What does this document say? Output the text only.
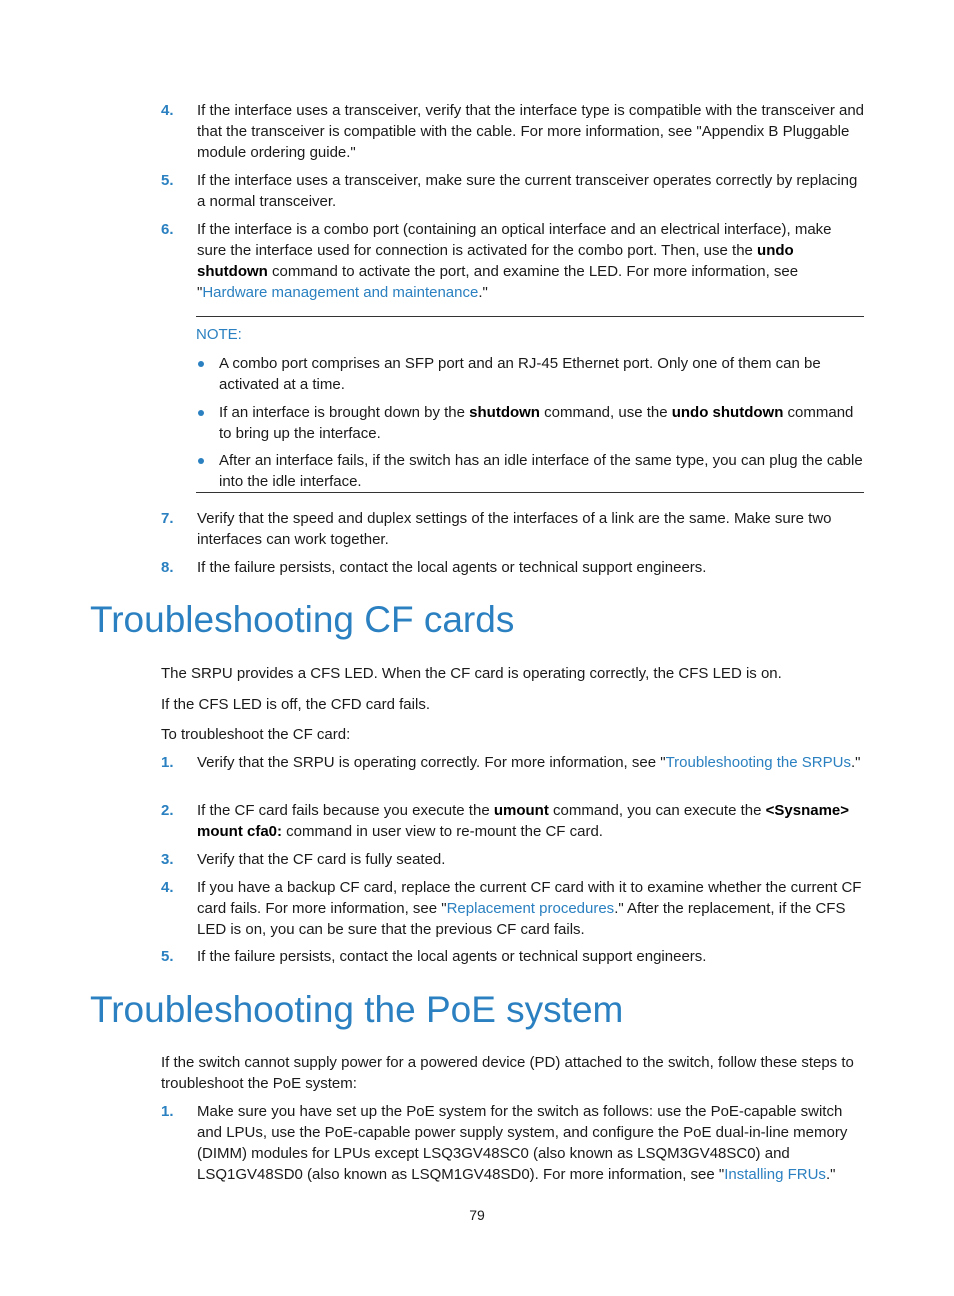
4. If the interface uses a transceiver, verify that the interface type is compatible with the transceiver and that the transceiver is compatible with the cable. For more information, see "Appendix B Pluggable module ordering guide."
5. If the interface uses a transceiver, make sure the current transceiver operates correctly by replacing a normal transceiver.
6. If the interface is a combo port (containing an optical interface and an electrical interface), make sure the interface used for connection is activated for the combo port. Then, use the undo shutdown command to activate the port, and examine the LED. For more information, see "Hardware management and maintenance."
NOTE:
A combo port comprises an SFP port and an RJ-45 Ethernet port. Only one of them can be activated at a time.
If an interface is brought down by the shutdown command, use the undo shutdown command to bring up the interface.
After an interface fails, if the switch has an idle interface of the same type, you can plug the cable into the idle interface.
7. Verify that the speed and duplex settings of the interfaces of a link are the same. Make sure two interfaces can work together.
8. If the failure persists, contact the local agents or technical support engineers.
Troubleshooting CF cards
The SRPU provides a CFS LED. When the CF card is operating correctly, the CFS LED is on.
If the CFS LED is off, the CFD card fails.
To troubleshoot the CF card:
1. Verify that the SRPU is operating correctly. For more information, see "Troubleshooting the SRPUs."
2. If the CF card fails because you execute the umount command, you can execute the <Sysname> mount cfa0: command in user view to re-mount the CF card.
3. Verify that the CF card is fully seated.
4. If you have a backup CF card, replace the current CF card with it to examine whether the current CF card fails. For more information, see "Replacement procedures." After the replacement, if the CFS LED is on, you can be sure that the previous CF card fails.
5. If the failure persists, contact the local agents or technical support engineers.
Troubleshooting the PoE system
If the switch cannot supply power for a powered device (PD) attached to the switch, follow these steps to troubleshoot the PoE system:
1. Make sure you have set up the PoE system for the switch as follows: use the PoE-capable switch and LPUs, use the PoE-capable power supply system, and configure the PoE dual-in-line memory (DIMM) modules for LPUs except LSQ3GV48SC0 (also known as LSQM3GV48SC0) and LSQ1GV48SD0 (also known as LSQM1GV48SD0). For more information, see "Installing FRUs."
79
